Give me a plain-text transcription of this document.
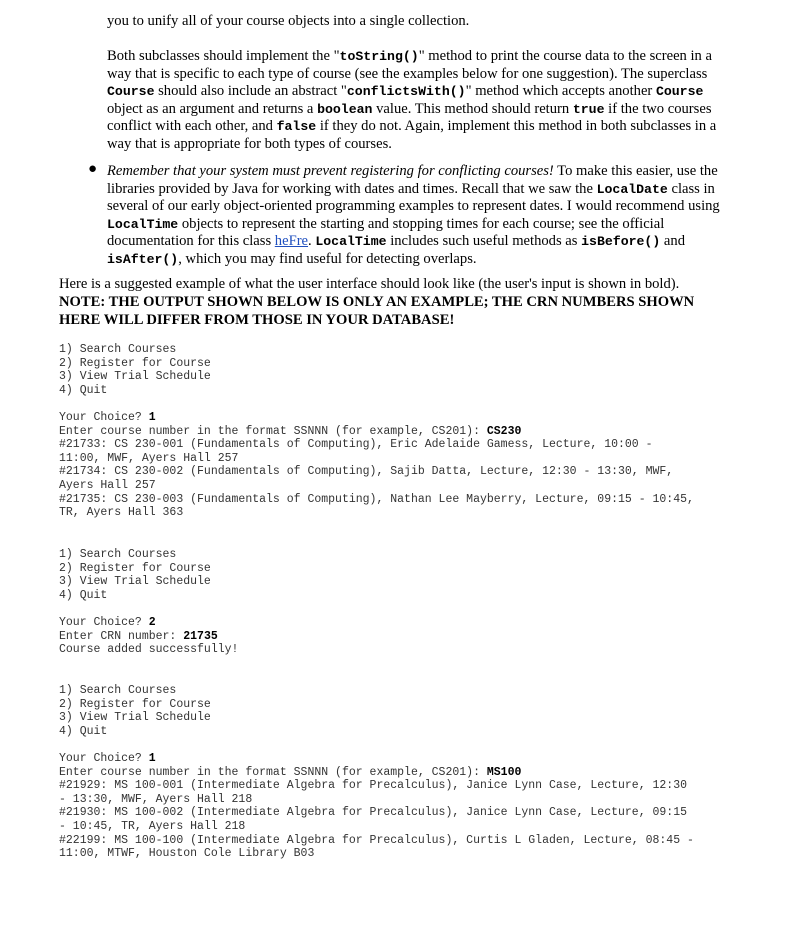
you to unify all of your course objects into a single collection.
Both subclasses should implement the "toString()" method to print the course data to the screen in a way that is specific to each type of course (see the examples below for one suggestion). The superclass Course should also include an abstract "conflictsWith()" method which accepts another Course object as an argument and returns a boolean value. This method should return true if the two courses conflict with each other, and false if they do not. Again, implement this method in both subclasses in a way that is appropriate for both types of courses.
● Remember that your system must prevent registering for conflicting courses! To make this easier, use the libraries provided by Java for working with dates and times. Recall that we saw the LocalDate class in several of our early object-oriented programming examples to represent dates. I would recommend using LocalTime objects to represent the starting and stopping times for each course; see the official documentation for this class heFre. LocalTime includes such useful methods as isBefore() and isAfter(), which you may find useful for detecting overlaps.
Here is a suggested example of what the user interface should look like (the user's input is shown in bold).
NOTE: THE OUTPUT SHOWN BELOW IS ONLY AN EXAMPLE; THE CRN NUMBERS SHOWN HERE WILL DIFFER FROM THOSE IN YOUR DATABASE!
1) Search Courses
2) Register for Course
3) View Trial Schedule
4) Quit
Your Choice? 1
Enter course number in the format SSNNN (for example, CS201): CS230
#21733: CS 230-001 (Fundamentals of Computing), Eric Adelaide Gamess, Lecture, 10:00 -
11:00, MWF, Ayers Hall 257
#21734: CS 230-002 (Fundamentals of Computing), Sajib Datta, Lecture, 12:30 - 13:30, MWF,
Ayers Hall 257
#21735: CS 230-003 (Fundamentals of Computing), Nathan Lee Mayberry, Lecture, 09:15 - 10:45,
TR, Ayers Hall 363
1) Search Courses
2) Register for Course
3) View Trial Schedule
4) Quit
Your Choice? 2
Enter CRN number: 21735
Course added successfully!
1) Search Courses
2) Register for Course
3) View Trial Schedule
4) Quit
Your Choice? 1
Enter course number in the format SSNNN (for example, CS201): MS100
#21929: MS 100-001 (Intermediate Algebra for Precalculus), Janice Lynn Case, Lecture, 12:30
- 13:30, MWF, Ayers Hall 218
#21930: MS 100-002 (Intermediate Algebra for Precalculus), Janice Lynn Case, Lecture, 09:15
- 10:45, TR, Ayers Hall 218
#22199: MS 100-100 (Intermediate Algebra for Precalculus), Curtis L Gladen, Lecture, 08:45 -
11:00, MTWF, Houston Cole Library B03
